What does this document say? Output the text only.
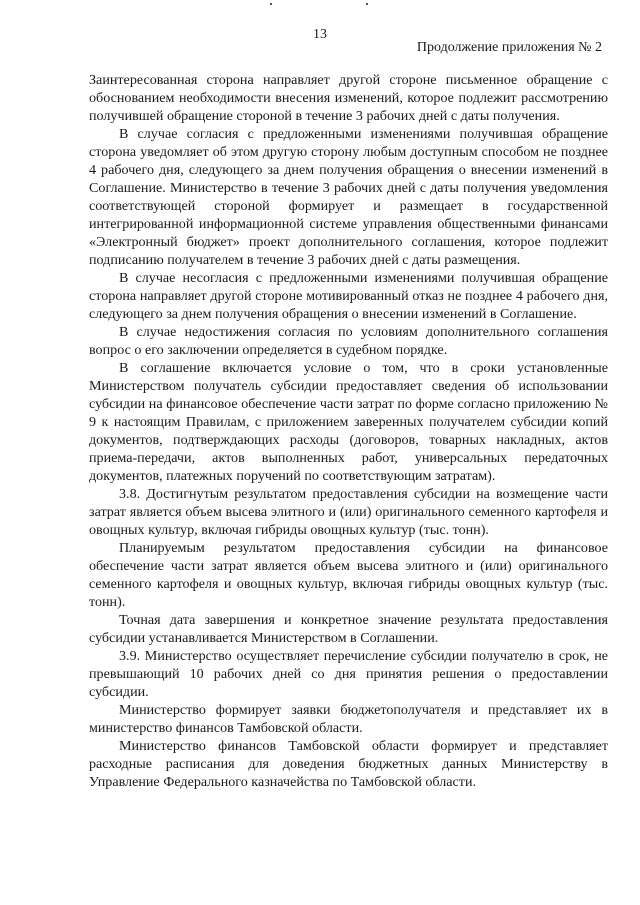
13
Продолжение приложения № 2

Заинтересованная сторона направляет другой стороне письменное обращение с обоснованием необходимости внесения изменений, которое подлежит рассмотрению получившей обращение стороной в течение 3 рабочих дней с даты получения.

В случае согласия с предложенными изменениями получившая обращение сторона уведомляет об этом другую сторону любым доступным способом не позднее 4 рабочего дня, следующего за днем получения обращения о внесении изменений в Соглашение. Министерство в течение 3 рабочих дней с даты получения уведомления соответствующей стороной формирует и размещает в государственной интегрированной информационной системе управления общественными финансами «Электронный бюджет» проект дополнительного соглашения, которое подлежит подписанию получателем в течение 3 рабочих дней с даты размещения.

В случае несогласия с предложенными изменениями получившая обращение сторона направляет другой стороне мотивированный отказ не позднее 4 рабочего дня, следующего за днем получения обращения о внесении изменений в Соглашение.

В случае недостижения согласия по условиям дополнительного соглашения вопрос о его заключении определяется в судебном порядке.

В соглашение включается условие о том, что в сроки установленные Министерством получатель субсидии предоставляет сведения об использовании субсидии на финансовое обеспечение части затрат по форме согласно приложению № 9 к настоящим Правилам, с приложением заверенных получателем субсидии копий документов, подтверждающих расходы (договоров, товарных накладных, актов приема-передачи, актов выполненных работ, универсальных передаточных документов, платежных поручений по соответствующим затратам).

3.8. Достигнутым результатом предоставления субсидии на возмещение части затрат является объем высева элитного и (или) оригинального семенного картофеля и овощных культур, включая гибриды овощных культур (тыс. тонн).

Планируемым результатом предоставления субсидии на финансовое обеспечение части затрат является объем высева элитного и (или) оригинального семенного картофеля и овощных культур, включая гибриды овощных культур (тыс. тонн).

Точная дата завершения и конкретное значение результата предоставления субсидии устанавливается Министерством в Соглашении.

3.9. Министерство осуществляет перечисление субсидии получателю в срок, не превышающий 10 рабочих дней со дня принятия решения о предоставлении субсидии.

Министерство формирует заявки бюджетополучателя и представляет их в министерство финансов Тамбовской области.

Министерство финансов Тамбовской области формирует и представляет расходные расписания для доведения бюджетных данных Министерству в Управление Федерального казначейства по Тамбовской области.
